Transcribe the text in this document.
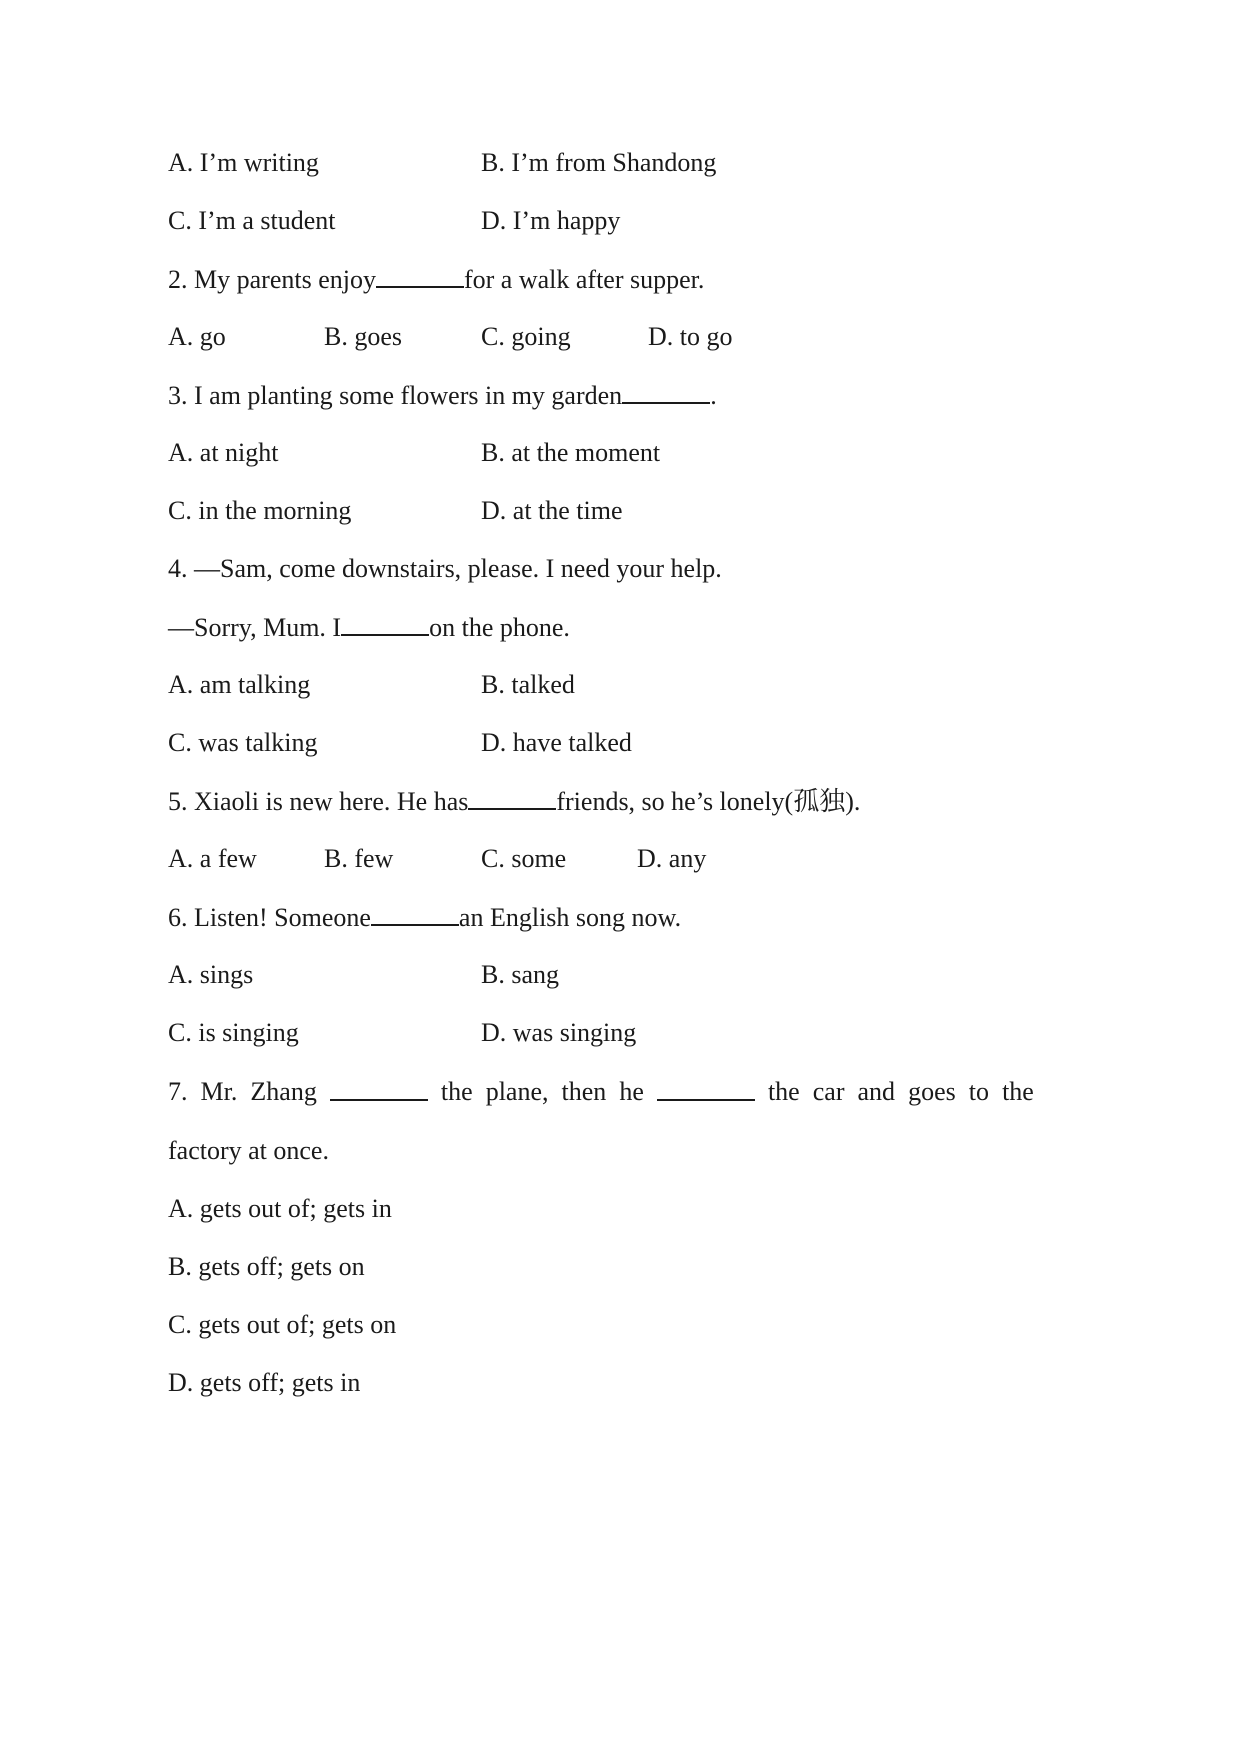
A. I’m writing	B. I’m from Shandong
C. I’m a student	D. I’m happy
2. My parents enjoy	for a walk after supper.
A. go	B. goes	C. going	D. to go
3. I am planting some flowers in my garden	.
A. at night	B. at the moment
C. in the morning	D. at the time
4. —Sam, come downstairs, please. I need your help.
—Sorry, Mum. I	on the phone.
A. am talking	B. talked
C. was talking	D. have talked
5. Xiaoli is new here. He has	friends, so he’s lonely(孤独).
A. a few	B. few	C. some	D. any
6. Listen! Someone	an English song now.
A. sings	B. sang
C. is singing	D. was singing
7. Mr. Zhang	the plane, then he	the car and goes to the
factory at once.
A. gets out of; gets in
B. gets off; gets on
C. gets out of; gets on
D. gets off; gets in
